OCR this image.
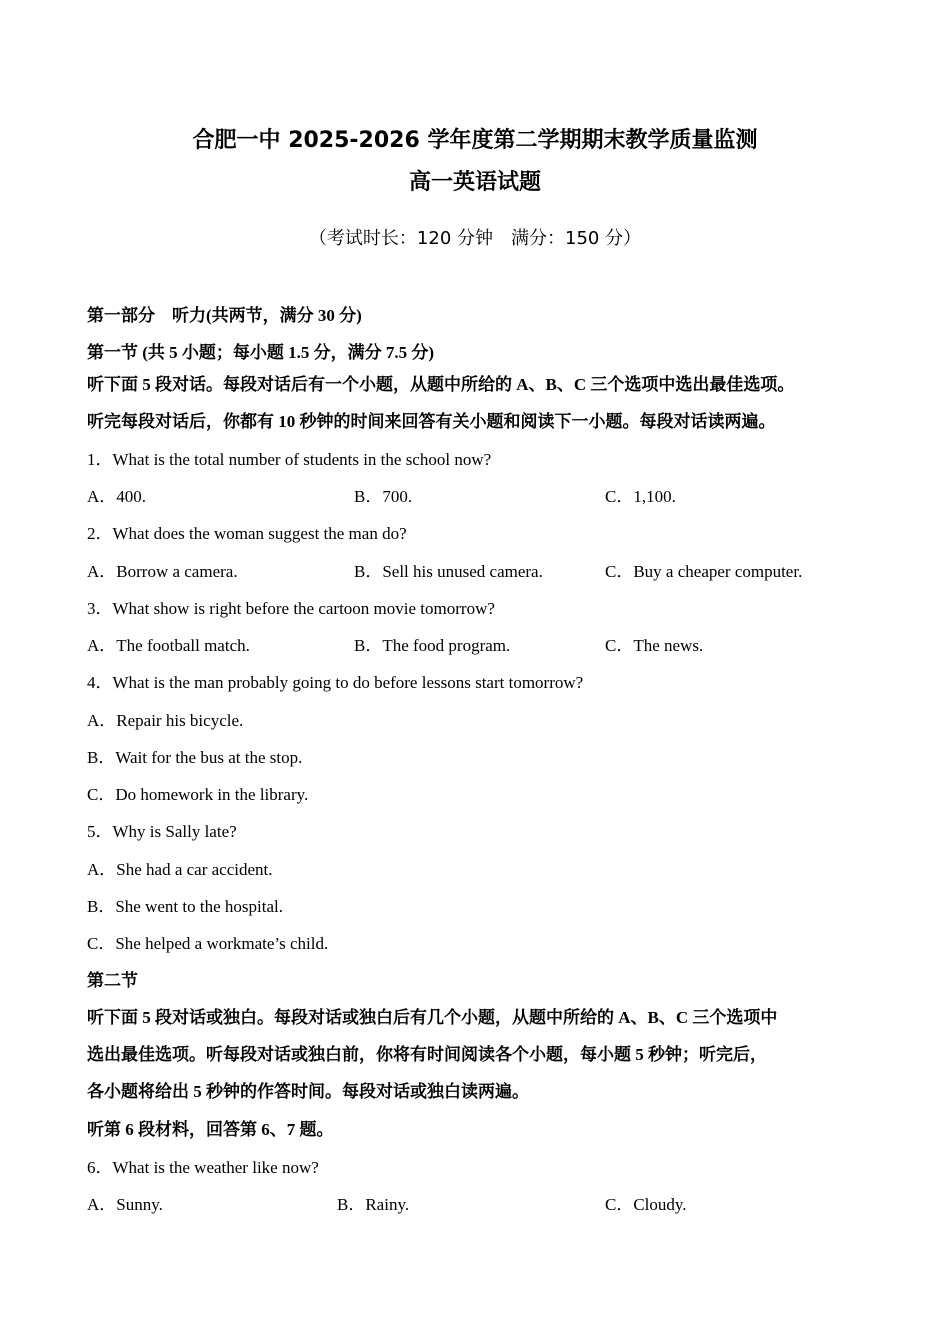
合肥一中 2025-2026 学年度第二学期期末教学质量监测
高一英语试题
（考试时长：120 分钟　满分：150 分）
第一部分　听力(共两节，满分 30 分)
第一节 (共 5 小题；每小题 1.5 分，满分 7.5 分)
听下面 5 段对话。每段对话后有一个小题，从题中所给的 A、B、C 三个选项中选出最佳选项。
听完每段对话后，你都有 10 秒钟的时间来回答有关小题和阅读下一小题。每段对话读两遍。
1．What is the total number of students in the school now?
A．400.	B．700.	C．1,100.
2．What does the woman suggest the man do?
A．Borrow a camera.	B．Sell his unused camera.	C．Buy a cheaper computer.
3．What show is right before the cartoon movie tomorrow?
A．The football match.	B．The food program.	C．The news.
4．What is the man probably going to do before lessons start tomorrow?
A．Repair his bicycle.
B．Wait for the bus at the stop.
C．Do homework in the library.
5．Why is Sally late?
A．She had a car accident.
B．She went to the hospital.
C．She helped a workmate’s child.
第二节
听下面 5 段对话或独白。每段对话或独白后有几个小题，从题中所给的 A、B、C 三个选项中
选出最佳选项。听每段对话或独白前，你将有时间阅读各个小题，每小题 5 秒钟；听完后，
各小题将给出 5 秒钟的作答时间。每段对话或独白读两遍。
听第 6 段材料，回答第 6、7 题。
6．What is the weather like now?
A．Sunny.	B．Rainy.	C．Cloudy.
